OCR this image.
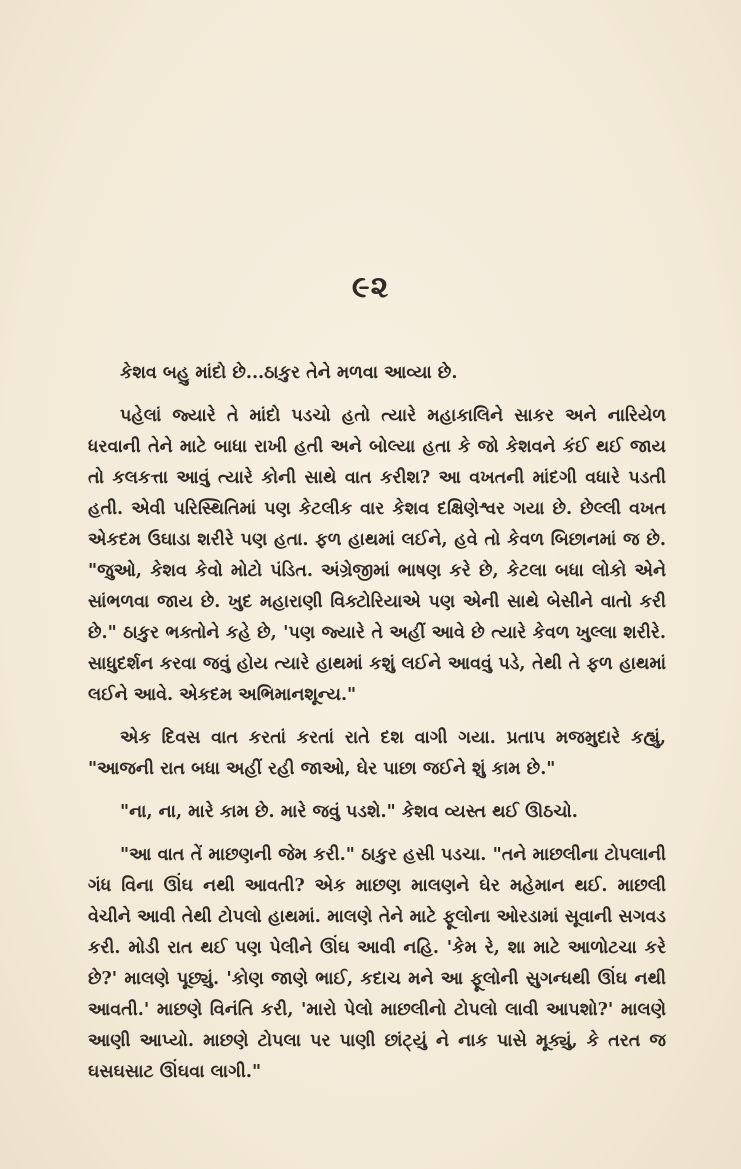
૯૨

કેશવ બહુ માંદો છે...ઠાકુર તેને મળવા આવ્યા છે.

પહેલાં જ્યારે તે માંદો પડચો હતો ત્યારે મહાકાલિને સાકર અને નારિયેળ ધરવાની તેને માટે બાધા રાખી હતી અને બોલ્યા હતા કે જો કેશવને કંઈ થઈ જાય તો કલકત્તા આવું ત્યારે કોની સાથે વાત કરીશ? આ વખતની માંદગી વધારે પડતી હતી. એવી પરિસ્થિતિમાં પણ કેટલીક વાર કેશવ દક્ષિણેશ્વર ગયા છે. છેલ્લી વખત એકદમ ઉઘાડા શરીરે પણ હતા. ફળ હાથમાં લઈને, હવે તો કેવળ બિછાનમાં જ છે. "જુઓ, કેશવ કેવો મોટો પંડિત. અંગ્રેજીમાં ભાષણ કરે છે, કેટલા બધા લોકો એને સાંભળવા જાય છે. ખુદ મહારાણી વિક્ટોરિયાએ પણ એની સાથે બેસીને વાતો કરી છે." ઠાકુર ભક્તોને કહે છે, 'પણ જ્યારે તે અહીં આવે છે ત્યારે કેવળ ખુલ્લા શરીરે. સાધુદર્શન કરવા જવું હોય ત્યારે હાથમાં કશું લઈને આવવું પડે, તેથી તે ફળ હાથમાં લઈને આવે. એકદમ અભિમાનશૂન્ય."

એક દિવસ વાત કરતાં કરતાં રાતે દશ વાગી ગયા. પ્રતાપ મજમુદારે કહ્યું, "આજની રાત બધા અહીં રહી જાઓ, ઘેર પાછા જઈને શું કામ છે."

"ના, ના, મારે કામ છે. મારે જવું પડશે." કેશવ વ્યસ્ત થઈ ઊઠચો.

"આ વાત તેં માછણની જેમ કરી." ઠાકુર હસી પડચા. "તને માછલીના ટોપલાની ગંધ વિના ઊંઘ નથી આવતી? એક માછણ માલણને ઘેર મહેમાન થઈ. માછલી વેચીને આવી તેથી ટોપલો હાથમાં. માલણે તેને માટે ફૂલોના ઓરડામાં સૂવાની સગવડ કરી. મોડી રાત થઈ પણ પેલીને ઊંઘ આવી નહિ. 'કેમ રે, શા માટે આળોટચા કરે છે?' માલણે પૂછ્યું. 'કોણ જાણે ભાઈ, કદાચ મને આ ફૂલોની સુગન્ધથી ઊંઘ નથી આવતી.' માછણે વિનંતિ કરી, 'મારો પેલો માછલીનો ટોપલો લાવી આપશો?' માલણે આણી આપ્યો. માછણે ટોપલા પર પાણી છાંટ્યું ને નાક પાસે મૂક્યું, કે તરત જ ઘસઘસાટ ઊંઘવા લાગી."
